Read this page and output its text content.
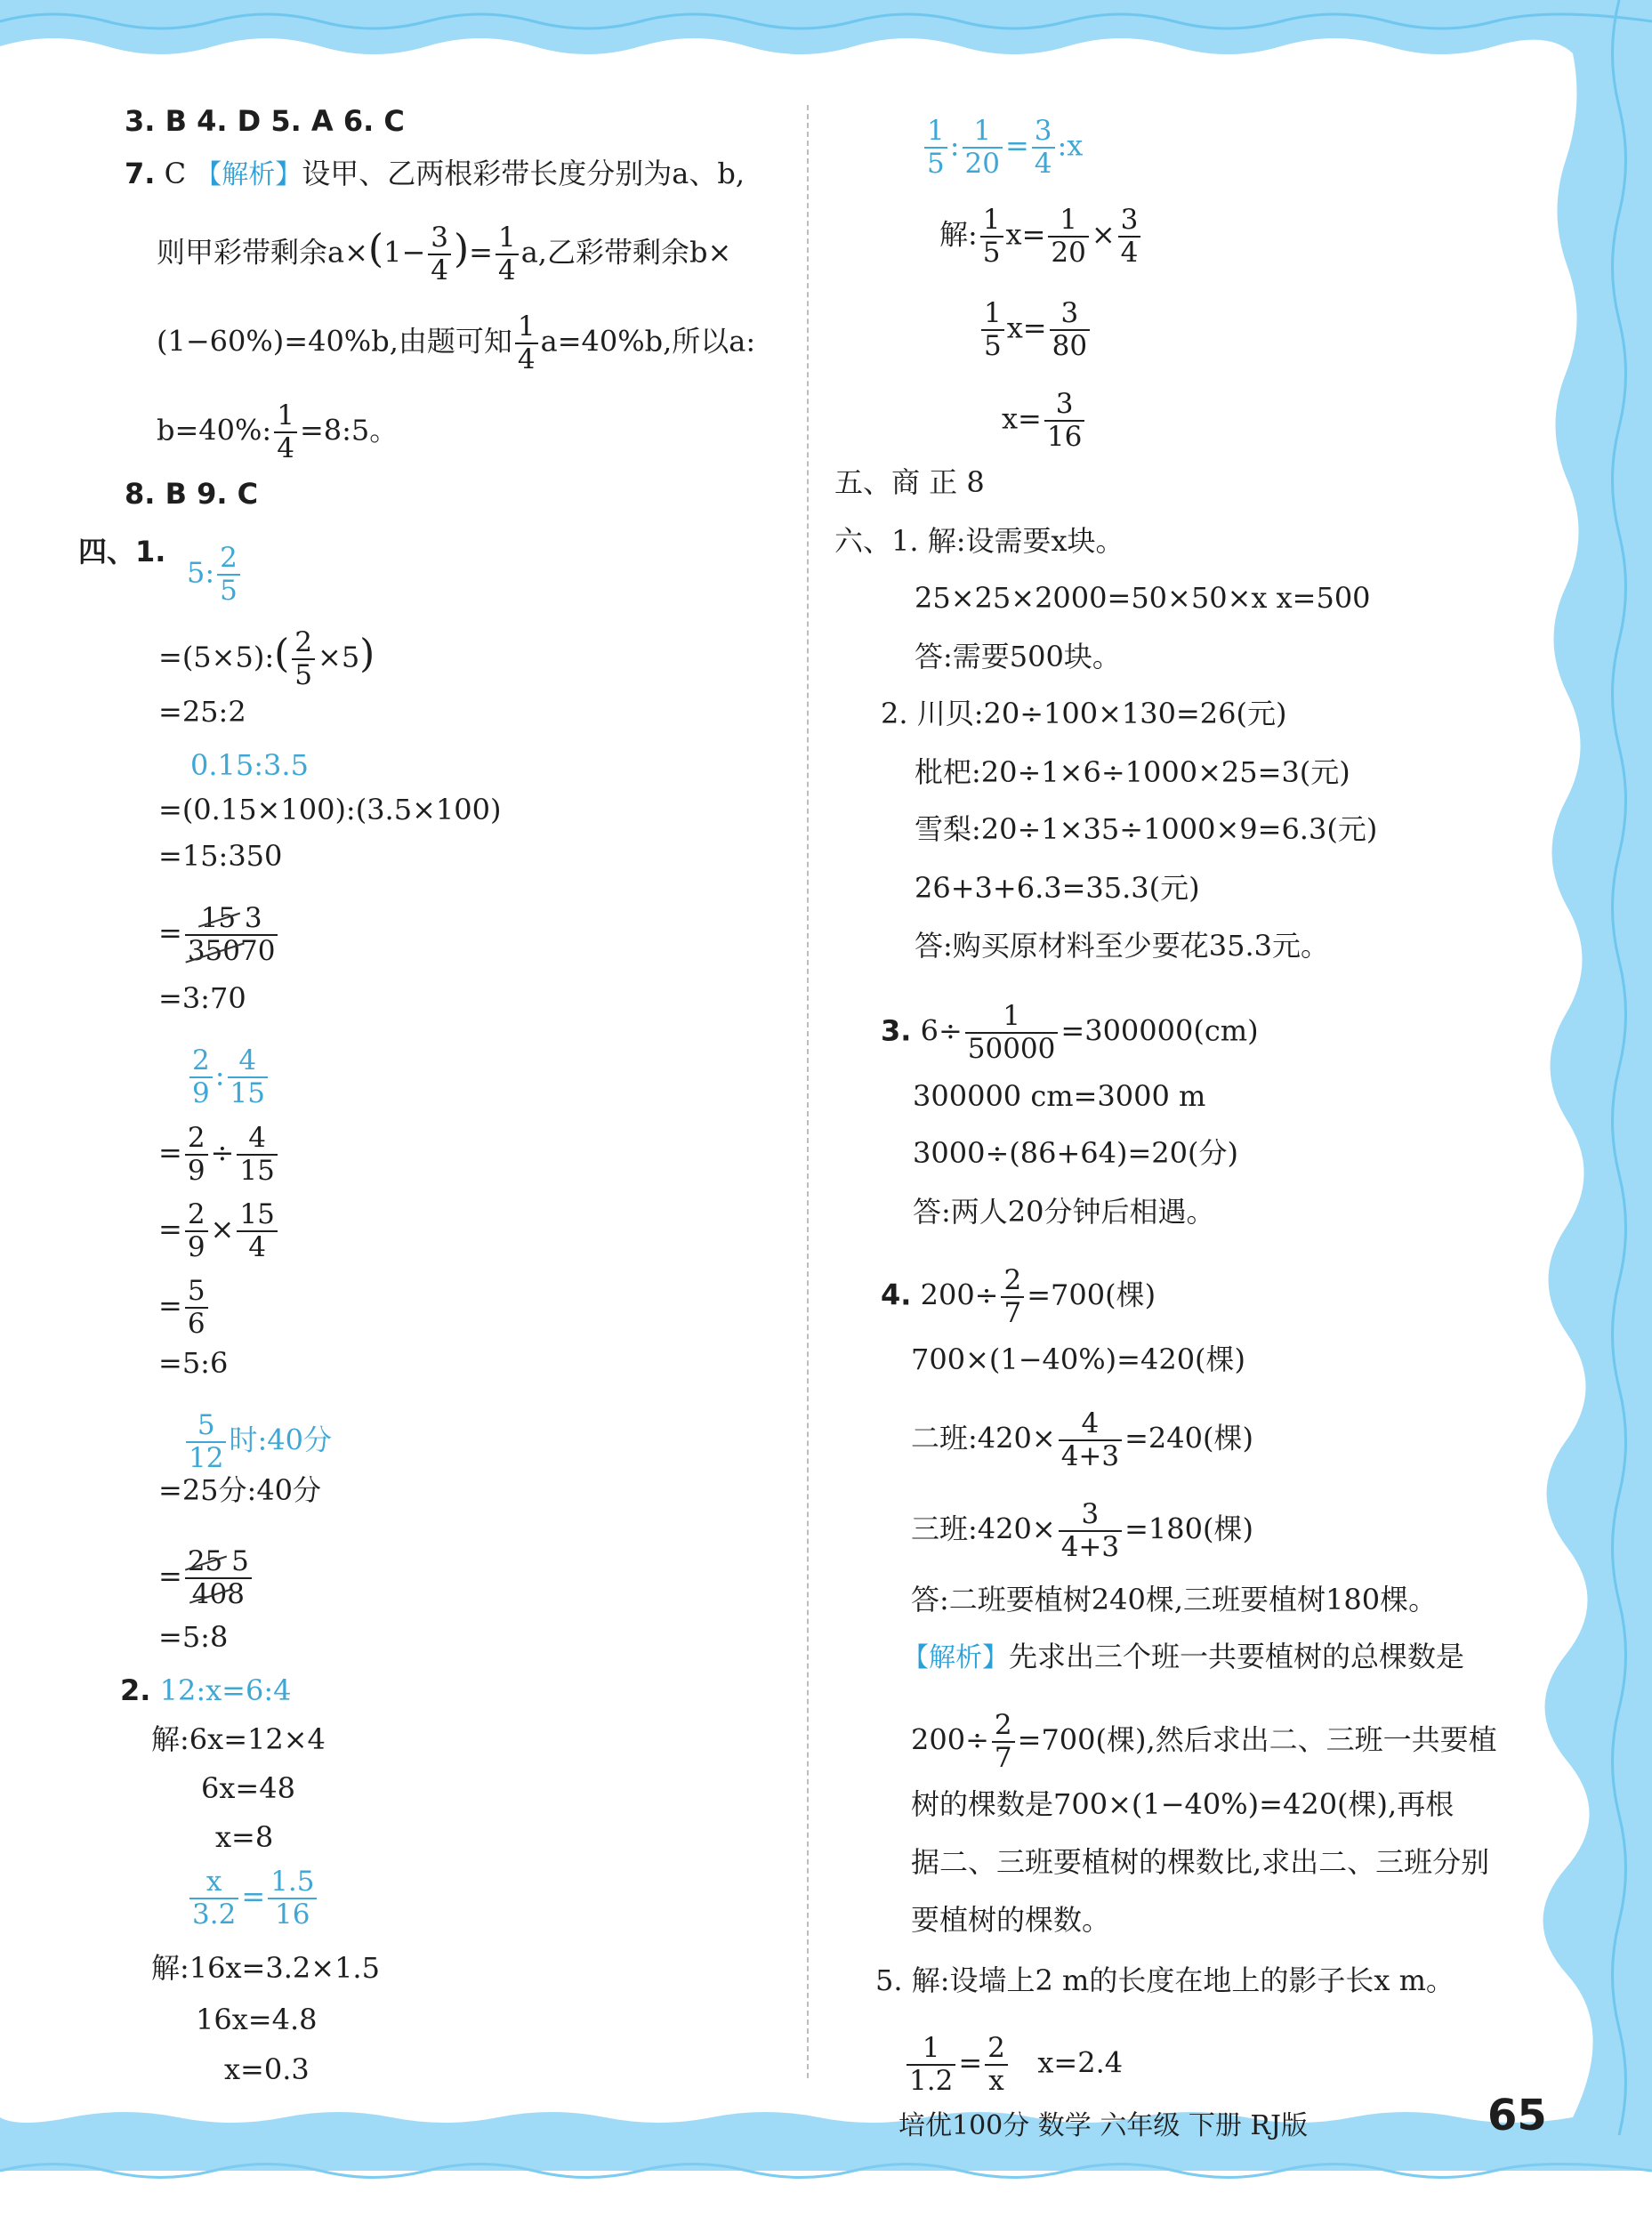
3. B 4. D 5. A 6. C
7. C 【解析】设甲、乙两根彩带长度分别为a、b,
则甲彩带剩余$a\times(1- \frac{3}{4}$ )= $\frac{1}{4} a$,乙彩带剩余b×
(1−60%)=40%b,由题可知 $\frac{1}{4} a=40\%b$,所以a:
b=40%: $\frac{1}{4}$ =8:5。
8. B 9. C
四、1.
5: $\frac{2}{5}$
=(5×5):( $\frac{2}{5} \times 5$)
=25:2
0.15:3.5
=(0.15×100):(3.5×100)
=15:350
= $\frac{15 3}{35070}$
=3:70
$\frac{2}{9}$ : $\frac{4}{15}$
= $\frac{2}{9} \div \frac{4}{15}$
= $\frac{2}{9} \times \frac{15}{4}$
= $\frac{5}{6}$
=5:6
$\frac{5}{12}$ 时:40分
=25分:40分
= $\frac{25 5}{408}$
=5:8
2. 12:x=6:4
解:6x=12×4
6x=48
x=8
$\frac{x}{3.2} = \frac{1.5}{16}$
解:16x=3.2×1.5
16x=4.8
x=0.3
$\frac{1}{5}$ : $\frac{1}{20} = \frac{3}{4}$ :x
解: $\frac{1}{5} x= \frac{1}{20} \times \frac{3}{4}$
$\frac{1}{5} x= \frac{3}{80}$
$x= \frac{3}{16}$
五、商 正 8
六、1. 解:设需要x块。
25×25×2000=50×50×x x=500
答:需要500块。
2. 川贝:20÷100×130=26(元)
枇杷:20÷1×6÷1000×25=3(元)
雪梨:20÷1×35÷1000×9=6.3(元)
26+3+6.3=35.3(元)
答:购买原材料至少要花35.3元。
3. $6\div \frac{1}{50000} =300000(cm)$
300000 cm=3000 m
3000÷(86+64)=20(分)
答:两人20分钟后相遇。
4. $200\div \frac{2}{7} =700$(棵)
700×(1−40%)=420(棵)
二班:420× $\frac{4}{4+3} =240$(棵)
三班:420× $\frac{3}{4+3} =180$(棵)
答:二班要植树240棵,三班要植树180棵。
【解析】先求出三个班一共要植树的总棵数是
$200\div \frac{2}{7} =700$(棵),然后求出二、三班一共要植
树的棵数是700×(1−40%)=420(棵),再根
据二、三班要植树的棵数比,求出二、三班分别
要植树的棵数。
5. 解:设墙上2 m的长度在地上的影子长x m。
$\frac{1}{1.2} = \frac{2}{x} x=2.4$
培优100分 数学 六年级 下册 RJ版	65
